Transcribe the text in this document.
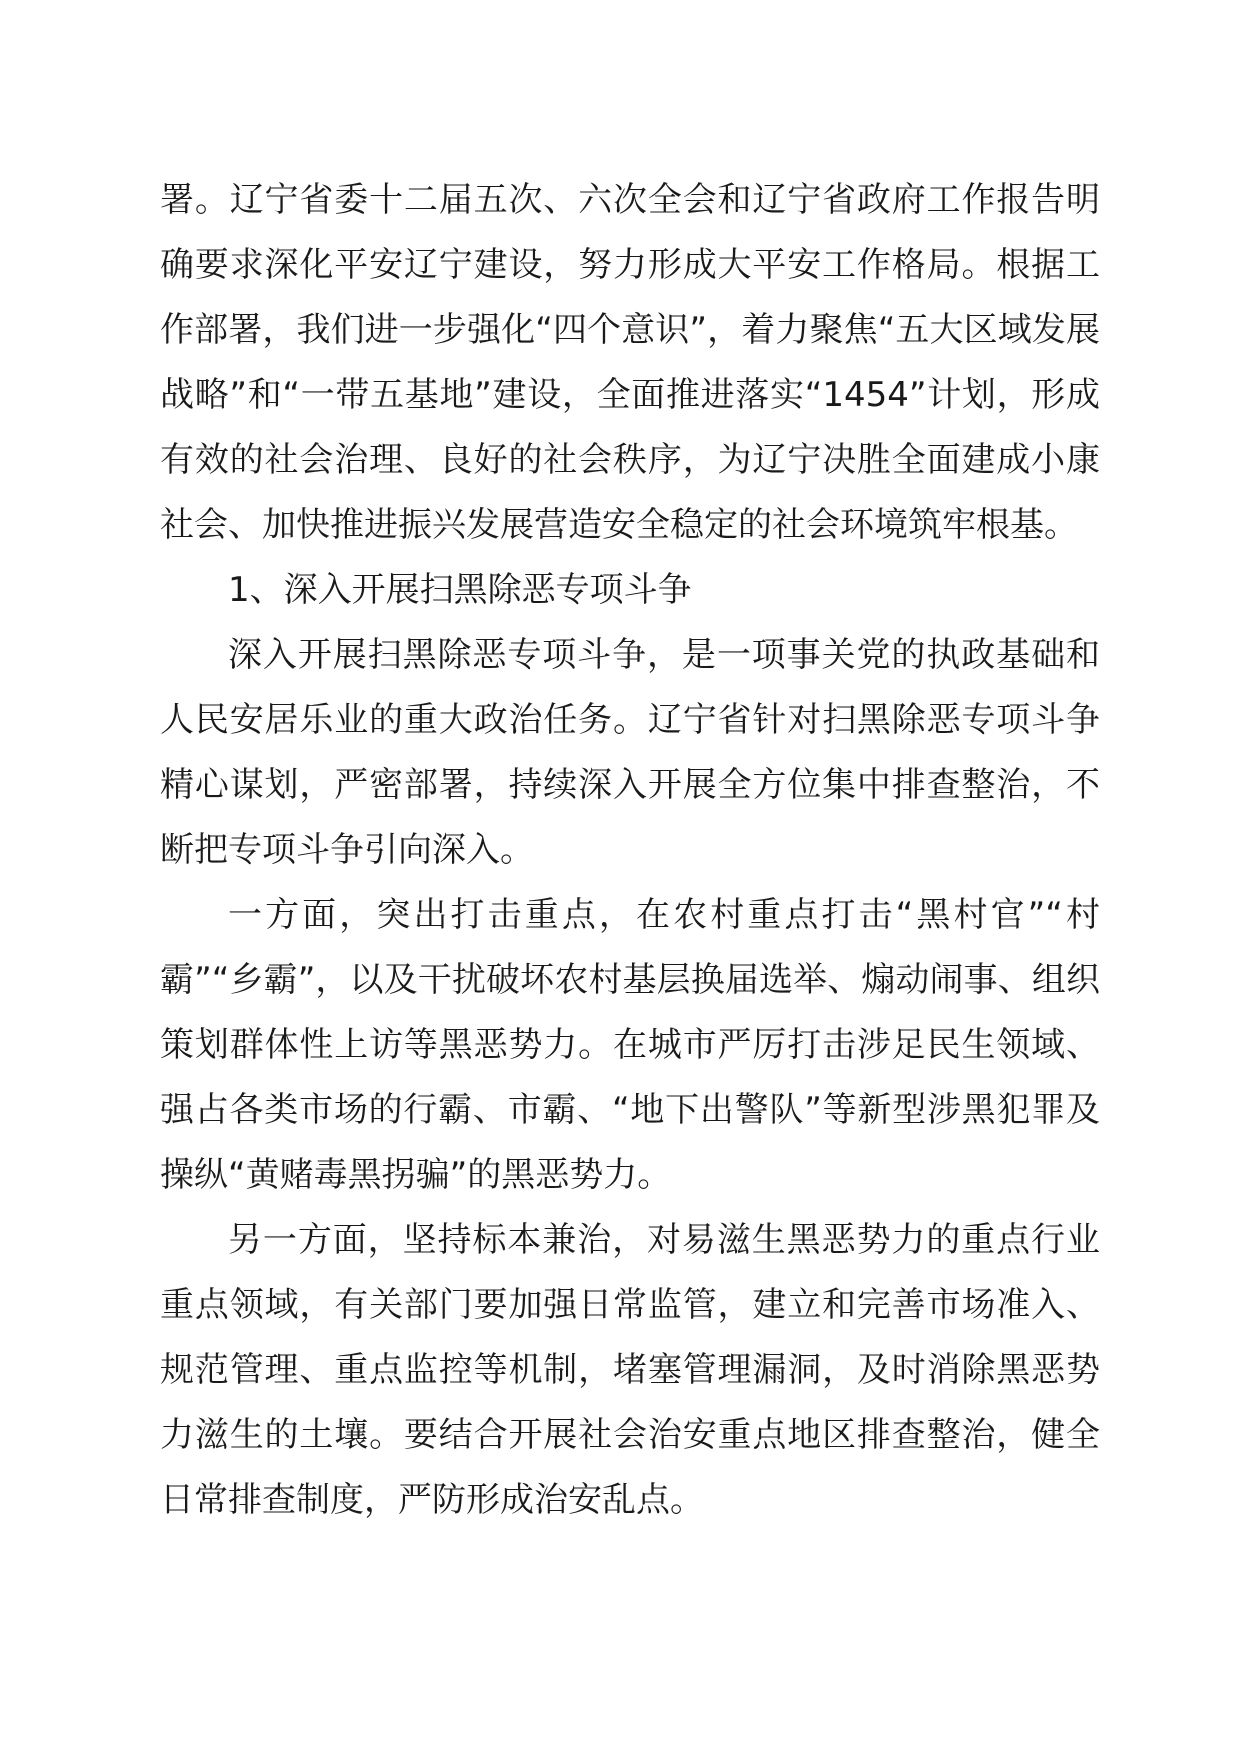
署。辽宁省委十二届五次、六次全会和辽宁省政府工作报告明确要求深化平安辽宁建设，努力形成大平安工作格局。根据工作部署，我们进一步强化“四个意识”，着力聚焦“五大区域发展战略”和“一带五基地”建设，全面推进落实“1454”计划，形成有效的社会治理、良好的社会秩序，为辽宁决胜全面建成小康社会、加快推进振兴发展营造安全稳定的社会环境筑牢根基。

1、深入开展扫黑除恶专项斗争

深入开展扫黑除恶专项斗争，是一项事关党的执政基础和人民安居乐业的重大政治任务。辽宁省针对扫黑除恶专项斗争精心谋划，严密部署，持续深入开展全方位集中排查整治，不断把专项斗争引向深入。

一方面，突出打击重点，在农村重点打击“黑村官”“村霸”“乡霸”，以及干扰破坏农村基层换届选举、煽动闹事、组织策划群体性上访等黑恶势力。在城市严厉打击涉足民生领域、强占各类市场的行霸、市霸、“地下出警队”等新型涉黑犯罪及操纵“黄赌毒黑拐骗”的黑恶势力。

另一方面，坚持标本兼治，对易滋生黑恶势力的重点行业重点领域，有关部门要加强日常监管，建立和完善市场准入、规范管理、重点监控等机制，堵塞管理漏洞，及时消除黑恶势力滋生的土壤。要结合开展社会治安重点地区排查整治，健全日常排查制度，严防形成治安乱点。
